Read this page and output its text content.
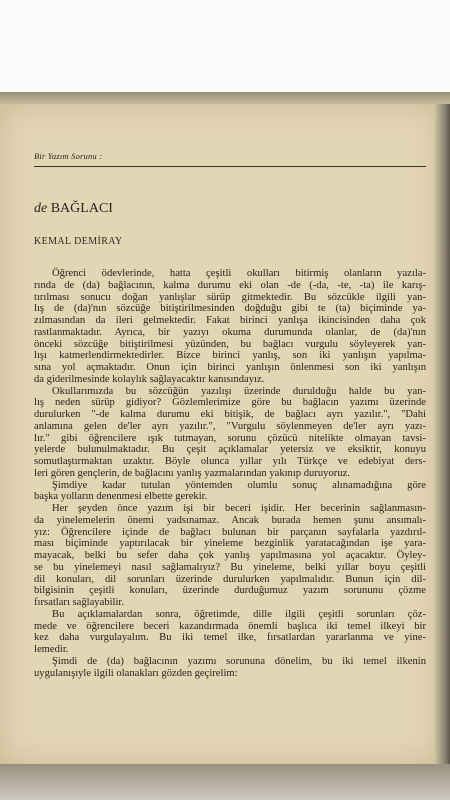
Bir Yazım Sorunu :
de BAĞLACI
KEMAL DEMİRAY
Öğrenci ödevlerinde, hatta çeşitli okulları bitirmiş olanların yazıla-
rında de (da) bağlacının, kalma durumu eki olan -de (-da, -te, -ta) ile karış-
tırılması sonucu doğan yanlışlar sürüp gitmektedir. Bu sözcükle ilgili yan-
lış de (da)'nın sözcüğe bitiştirilmesinden doğduğu gibi te (ta) biçiminde ya-
zılmasından da ileri gelmektedir. Fakat birinci yanlışa ikincisinden daha çok
rastlanmaktadır. Ayrıca, bir yazıyı okuma durumunda olanlar, de (da)'nın
önceki sözcüğe bitiştirilmesi yüzünden, bu bağlacı vurgulu söyleyerek yan-
lışı katmerlendirmektedirler. Bizce birinci yanlış, son iki yanlışın yapılma-
sına yol açmaktadır. Onun için birinci yanlışın önlenmesi son iki yanlışın
da giderilmesinde kolaylık sağlayacaktır kanısındayız.
Okullarımızda bu sözcüğün yazılışı üzerinde durulduğu halde bu yan-
lış neden sürüp gidiyor? Gözlemlerimize göre bu bağlacın yazımı üzerinde
durulurken "-de kalma durumu eki bitişik, de bağlacı ayrı yazılır.", "Dahi
anlamına gelen de'ler ayrı yazılır.", "Vurgulu söylenmeyen de'ler ayrı yazı-
lır." gibi öğrencilere ışık tutmayan, sorunu çözücü nitelikte olmayan tavsi-
yelerde bulunulmaktadır. Bu çeşit açıklamalar yetersiz ve eksiktir, konuyu
somutlaştırmaktan uzaktır. Böyle olunca yıllar yılı Türkçe ve edebiyat ders-
leri gören gençlerin, de bağlacını yanlış yazmalarından yakınıp duruyoruz.
Şimdiye kadar tutulan yöntemden olumlu sonuç alınamadığına göre
başka yolların denenmesi elbette gerekir.
Her şeyden önce yazım işi bir beceri işidir. Her becerinin sağlanmasın-
da yinelemelerin önemi yadsınamaz. Ancak burada hemen şunu ansımalı-
yız: Öğrencilere içinde de bağlacı bulunan bir parçanın sayfalarla yazdırıl-
ması biçiminde yaptırılacak bir yineleme bezginlik yaratacağından işe yara-
mayacak, belki bu sefer daha çok yanlış yapılmasına yol açacaktır. Öyley-
se bu yinelemeyi nasıl sağlamalıyız? Bu yineleme, belki yıllar boyu çeşitli
dil konuları, dil sorunları üzerinde durulurken yapılmalıdır. Bunun için dil-
bilgisinin çeşitli konuları, üzerinde durduğumuz yazım sorununu çözme
fırsatları sağlayabilir.
Bu açıklamalardan sonra, öğretimde, dille ilgili çeşitli sorunları çöz-
mede ve öğrencilere beceri kazandırmada önemli başlıca iki temel ilkeyi bir
kez daha vurgulayalım. Bu iki temel ilke, fırsatlardan yararlanma ve yine-
lemedir.
Şimdi de (da) bağlacının yazımı sorununa dönelim, bu iki temel ilkenin
uygulanışıyle ilgili olanakları gözden geçirelim:
